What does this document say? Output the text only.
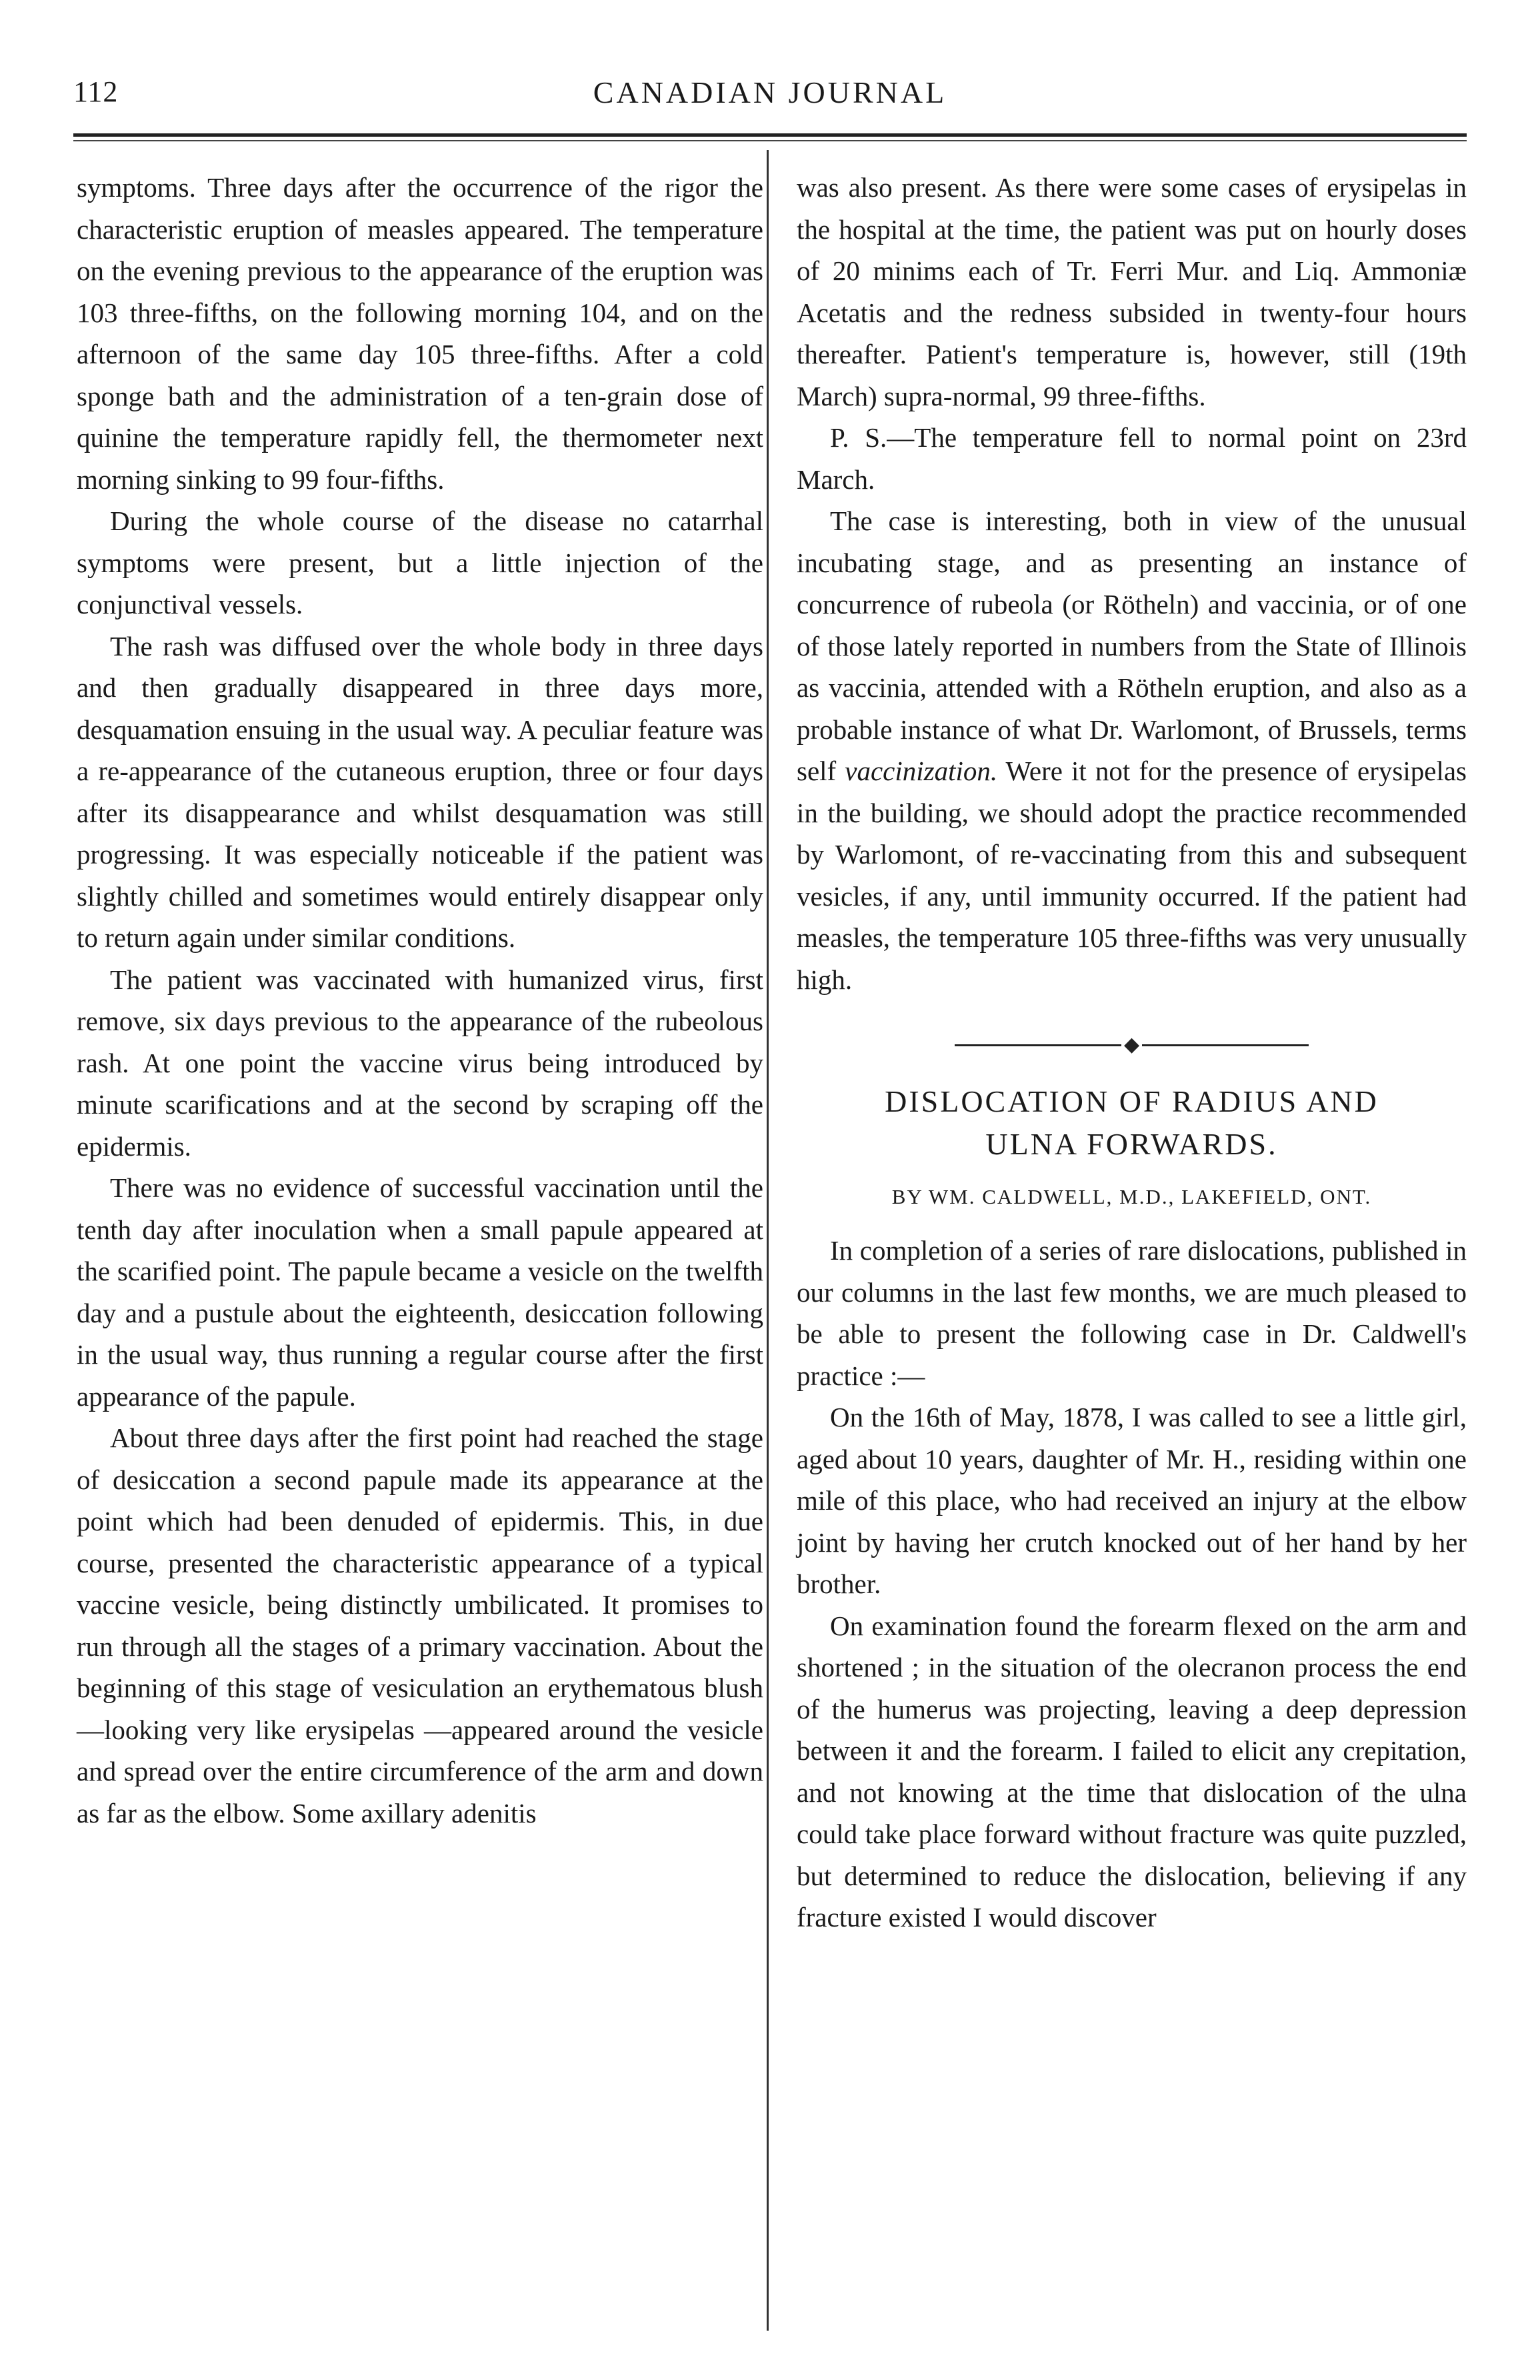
112	CANADIAN JOURNAL

symptoms. Three days after the occurrence of the rigor the characteristic eruption of measles appeared. The temperature on the evening previous to the appearance of the eruption was 103 three-fifths, on the following morning 104, and on the afternoon of the same day 105 three-fifths. After a cold sponge bath and the administration of a ten-grain dose of quinine the temperature rapidly fell, the thermometer next morning sinking to 99 four-fifths.

During the whole course of the disease no catarrhal symptoms were present, but a little injection of the conjunctival vessels.

The rash was diffused over the whole body in three days and then gradually disappeared in three days more, desquamation ensuing in the usual way. A peculiar feature was a re-appearance of the cutaneous eruption, three or four days after its disappearance and whilst desquamation was still progressing. It was especially noticeable if the patient was slightly chilled and sometimes would entirely disappear only to return again under similar conditions.

The patient was vaccinated with humanized virus, first remove, six days previous to the appearance of the rubeolous rash. At one point the vaccine virus being introduced by minute scarifications and at the second by scraping off the epidermis.

There was no evidence of successful vaccination until the tenth day after inoculation when a small papule appeared at the scarified point. The papule became a vesicle on the twelfth day and a pustule about the eighteenth, desiccation following in the usual way, thus running a regular course after the first appearance of the papule.

About three days after the first point had reached the stage of desiccation a second papule made its appearance at the point which had been denuded of epidermis. This, in due course, presented the characteristic appearance of a typical vaccine vesicle, being distinctly umbilicated. It promises to run through all the stages of a primary vaccination. About the beginning of this stage of vesiculation an erythematous blush—looking very like erysipelas —appeared around the vesicle and spread over the entire circumference of the arm and down as far as the elbow. Some axillary adenitis

was also present. As there were some cases of erysipelas in the hospital at the time, the patient was put on hourly doses of 20 minims each of Tr. Ferri Mur. and Liq. Ammoniæ Acetatis and the redness subsided in twenty-four hours thereafter. Patient's temperature is, however, still (19th March) supra-normal, 99 three-fifths.

P. S.—The temperature fell to normal point on 23rd March.

The case is interesting, both in view of the unusual incubating stage, and as presenting an instance of concurrence of rubeola (or Rötheln) and vaccinia, or of one of those lately reported in numbers from the State of Illinois as vaccinia, attended with a Rötheln eruption, and also as a probable instance of what Dr. Warlomont, of Brussels, terms self vaccinization. Were it not for the presence of erysipelas in the building, we should adopt the practice recommended by Warlomont, of re-vaccinating from this and subsequent vesicles, if any, until immunity occurred. If the patient had measles, the temperature 105 three-fifths was very unusually high.

◆
DISLOCATION OF RADIUS AND
ULNA FORWARDS.
BY WM. CALDWELL, M.D., LAKEFIELD, ONT.

In completion of a series of rare dislocations, published in our columns in the last few months, we are much pleased to be able to present the following case in Dr. Caldwell's practice :—

On the 16th of May, 1878, I was called to see a little girl, aged about 10 years, daughter of Mr. H., residing within one mile of this place, who had received an injury at the elbow joint by having her crutch knocked out of her hand by her brother.

On examination found the forearm flexed on the arm and shortened ; in the situation of the olecranon process the end of the humerus was projecting, leaving a deep depression between it and the forearm. I failed to elicit any crepitation, and not knowing at the time that dislocation of the ulna could take place forward without fracture was quite puzzled, but determined to reduce the dislocation, believing if any fracture existed I would discover
